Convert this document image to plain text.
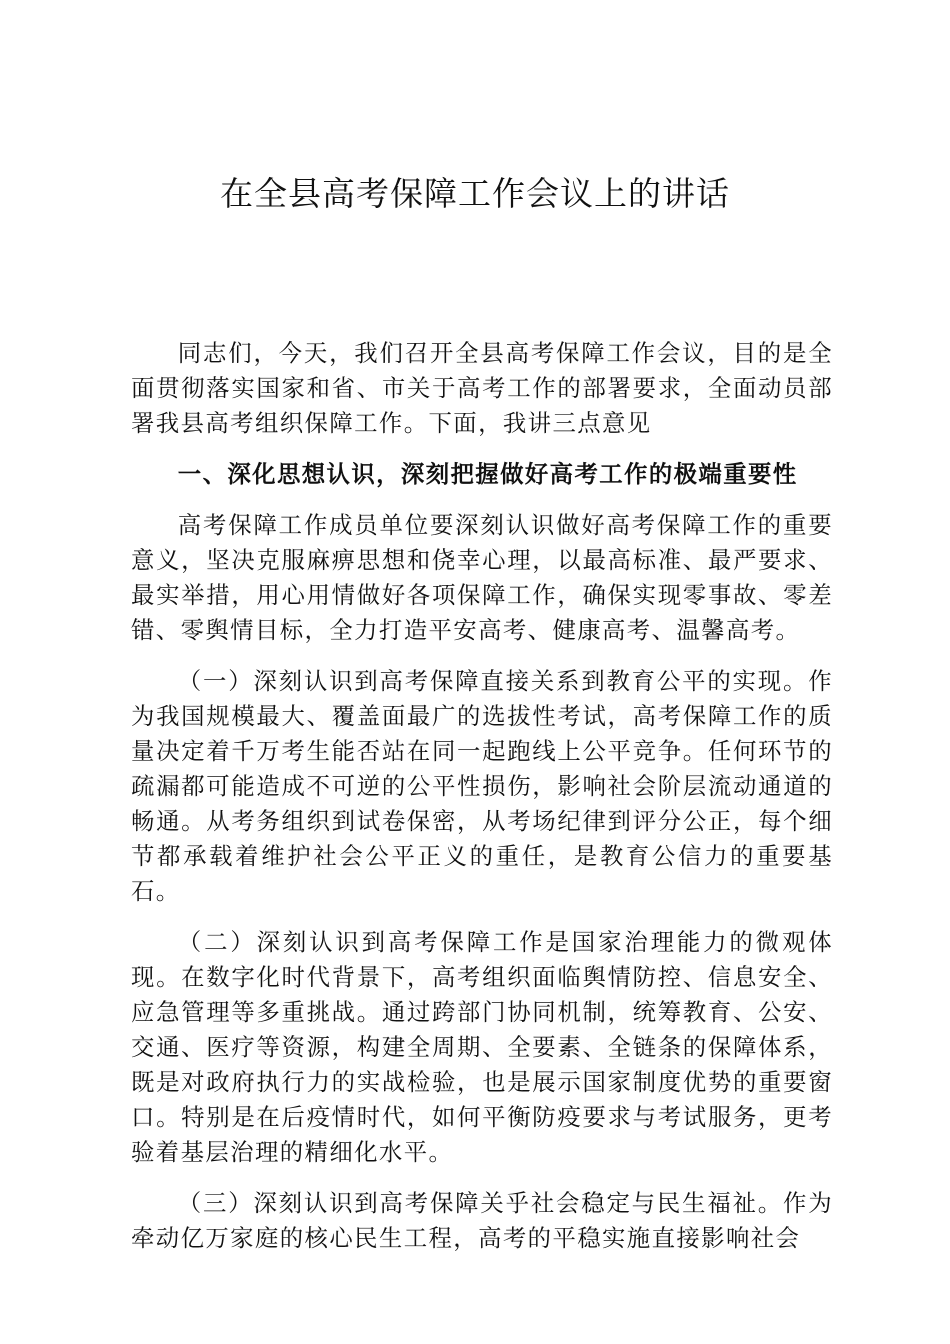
在全县高考保障工作会议上的讲话

同志们，今天，我们召开全县高考保障工作会议，目的是全面贯彻落实国家和省、市关于高考工作的部署要求，全面动员部署我县高考组织保障工作。下面，我讲三点意见

一、深化思想认识，深刻把握做好高考工作的极端重要性

高考保障工作成员单位要深刻认识做好高考保障工作的重要意义，坚决克服麻痹思想和侥幸心理，以最高标准、最严要求、最实举措，用心用情做好各项保障工作，确保实现零事故、零差错、零舆情目标，全力打造平安高考、健康高考、温馨高考。

（一）深刻认识到高考保障直接关系到教育公平的实现。作为我国规模最大、覆盖面最广的选拔性考试，高考保障工作的质量决定着千万考生能否站在同一起跑线上公平竞争。任何环节的疏漏都可能造成不可逆的公平性损伤，影响社会阶层流动通道的畅通。从考务组织到试卷保密，从考场纪律到评分公正，每个细节都承载着维护社会公平正义的重任，是教育公信力的重要基石。

（二）深刻认识到高考保障工作是国家治理能力的微观体现。在数字化时代背景下，高考组织面临舆情防控、信息安全、应急管理等多重挑战。通过跨部门协同机制，统筹教育、公安、交通、医疗等资源，构建全周期、全要素、全链条的保障体系，既是对政府执行力的实战检验，也是展示国家制度优势的重要窗口。特别是在后疫情时代，如何平衡防疫要求与考试服务，更考验着基层治理的精细化水平。

（三）深刻认识到高考保障关乎社会稳定与民生福祉。作为牵动亿万家庭的核心民生工程，高考的平稳实施直接影响社会
